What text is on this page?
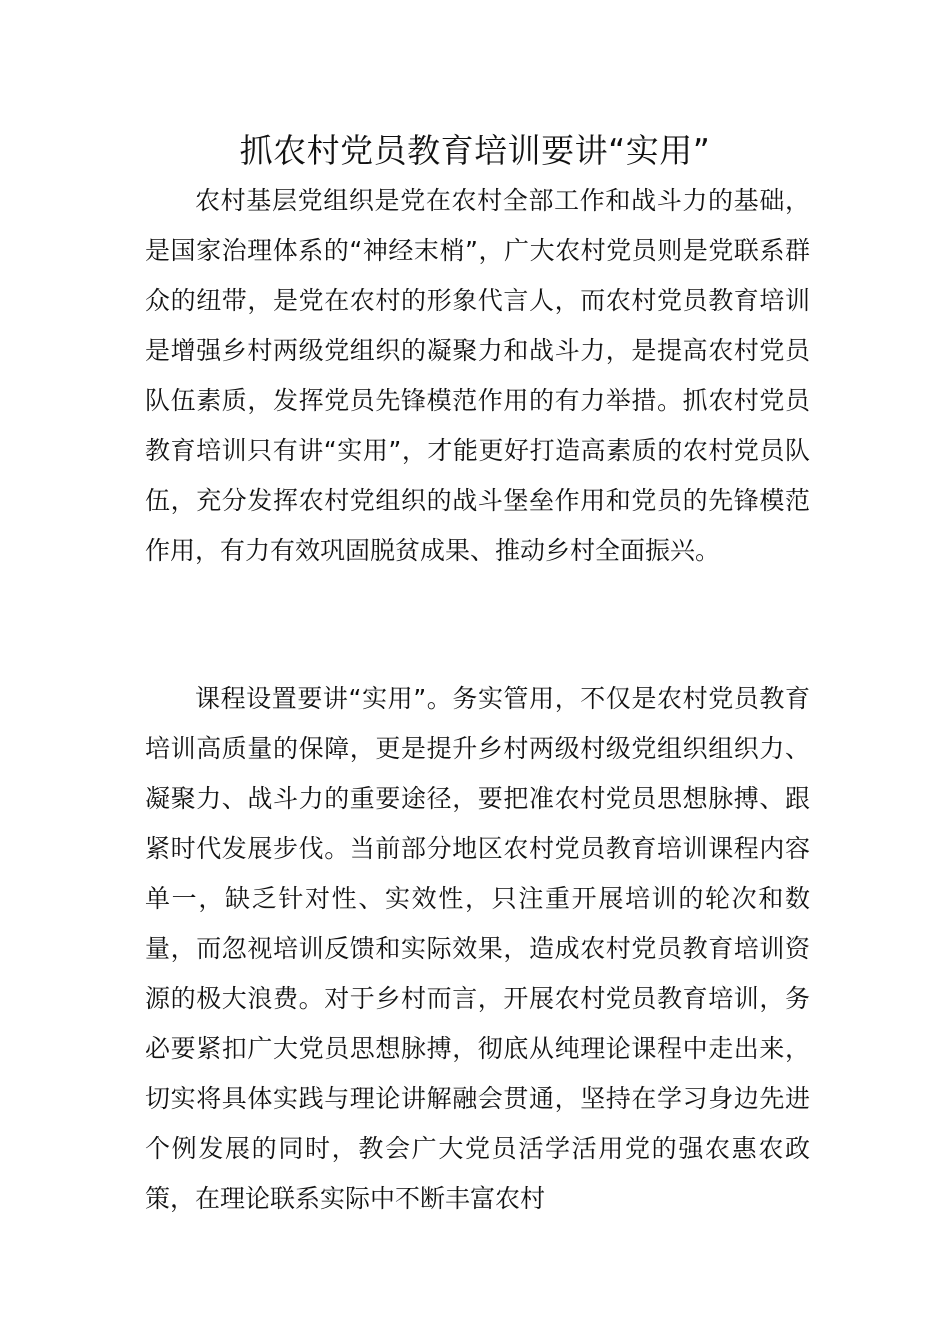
抓农村党员教育培训要讲“实用”

农村基层党组织是党在农村全部工作和战斗力的基础，是国家治理体系的“神经末梢”，广大农村党员则是党联系群众的纽带，是党在农村的形象代言人，而农村党员教育培训是增强乡村两级党组织的凝聚力和战斗力，是提高农村党员队伍素质，发挥党员先锋模范作用的有力举措。抓农村党员教育培训只有讲“实用”，才能更好打造高素质的农村党员队伍，充分发挥农村党组织的战斗堡垒作用和党员的先锋模范作用，有力有效巩固脱贫成果、推动乡村全面振兴。

课程设置要讲“实用”。务实管用，不仅是农村党员教育培训高质量的保障，更是提升乡村两级村级党组织组织力、凝聚力、战斗力的重要途径，要把准农村党员思想脉搏、跟紧时代发展步伐。当前部分地区农村党员教育培训课程内容单一，缺乏针对性、实效性，只注重开展培训的轮次和数量，而忽视培训反馈和实际效果，造成农村党员教育培训资源的极大浪费。对于乡村而言，开展农村党员教育培训，务必要紧扣广大党员思想脉搏，彻底从纯理论课程中走出来，切实将具体实践与理论讲解融会贯通，坚持在学习身边先进个例发展的同时，教会广大党员活学活用党的强农惠农政策，在理论联系实际中不断丰富农村
